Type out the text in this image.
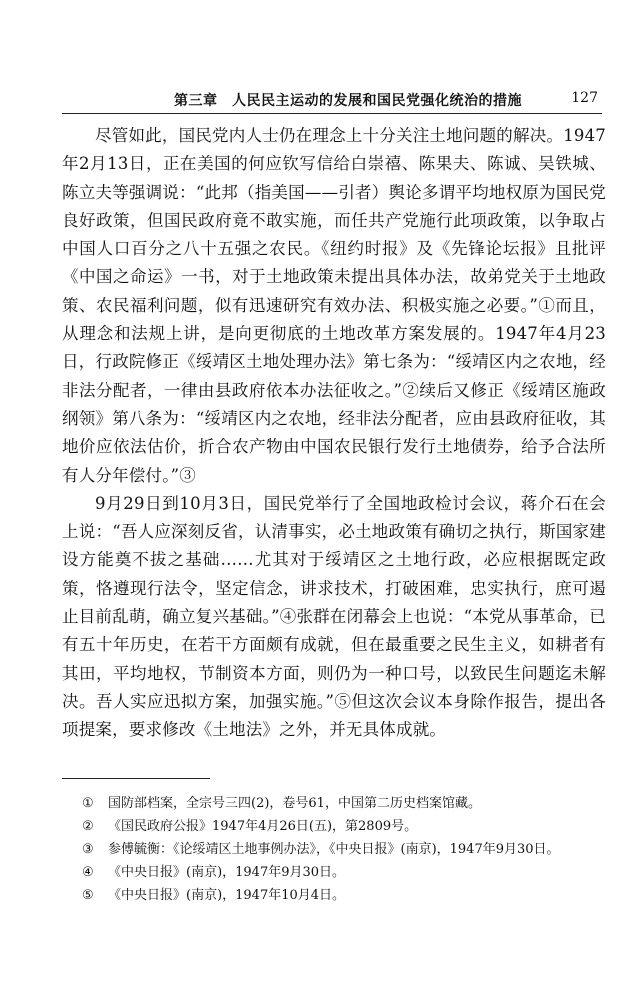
第三章　人民民主运动的发展和国民党强化统治的措施	127

尽管如此，国民党内人士仍在理念上十分关注土地问题的解决。1947年2月13日，正在美国的何应钦写信给白崇禧、陈果夫、陈诚、吴铁城、陈立夫等强调说：“此邦（指美国——引者）舆论多谓平均地权原为国民党良好政策，但国民政府竟不敢实施，而任共产党施行此项政策，以争取占中国人口百分之八十五强之农民。《纽约时报》及《先锋论坛报》且批评《中国之命运》一书，对于土地政策未提出具体办法，故弟党关于土地政策、农民福利问题，似有迅速研究有效办法、积极实施之必要。”①而且，从理念和法规上讲，是向更彻底的土地改革方案发展的。1947年4月23日，行政院修正《绥靖区土地处理办法》第七条为：“绥靖区内之农地，经非法分配者，一律由县政府依本办法征收之。”②续后又修正《绥靖区施政纲领》第八条为：“绥靖区内之农地，经非法分配者，应由县政府征收，其地价应依法估价，折合农产物由中国农民银行发行土地债券，给予合法所有人分年偿付。”③

9月29日到10月3日，国民党举行了全国地政检讨会议，蒋介石在会上说：“吾人应深刻反省，认清事实，必土地政策有确切之执行，斯国家建设方能奠不拔之基础……尤其对于绥靖区之土地行政，必应根据既定政策，恪遵现行法令，坚定信念，讲求技术，打破困难，忠实执行，庶可遏止目前乱萌，确立复兴基础。”④张群在闭幕会上也说：“本党从事革命，已有五十年历史，在若干方面颇有成就，但在最重要之民生主义，如耕者有其田，平均地权，节制资本方面，则仍为一种口号，以致民生问题迄未解决。吾人实应迅拟方案，加强实施。”⑤但这次会议本身除作报告，提出各项提案，要求修改《土地法》之外，并无具体成就。

① 国防部档案，全宗号三四(2)，卷号61，中国第二历史档案馆藏。

② 《国民政府公报》1947年4月26日(五)，第2809号。

③ 参傅毓衡：《论绥靖区土地事例办法》，《中央日报》(南京)，1947年9月30日。

④ 《中央日报》(南京)，1947年9月30日。

⑤ 《中央日报》(南京)，1947年10月4日。
